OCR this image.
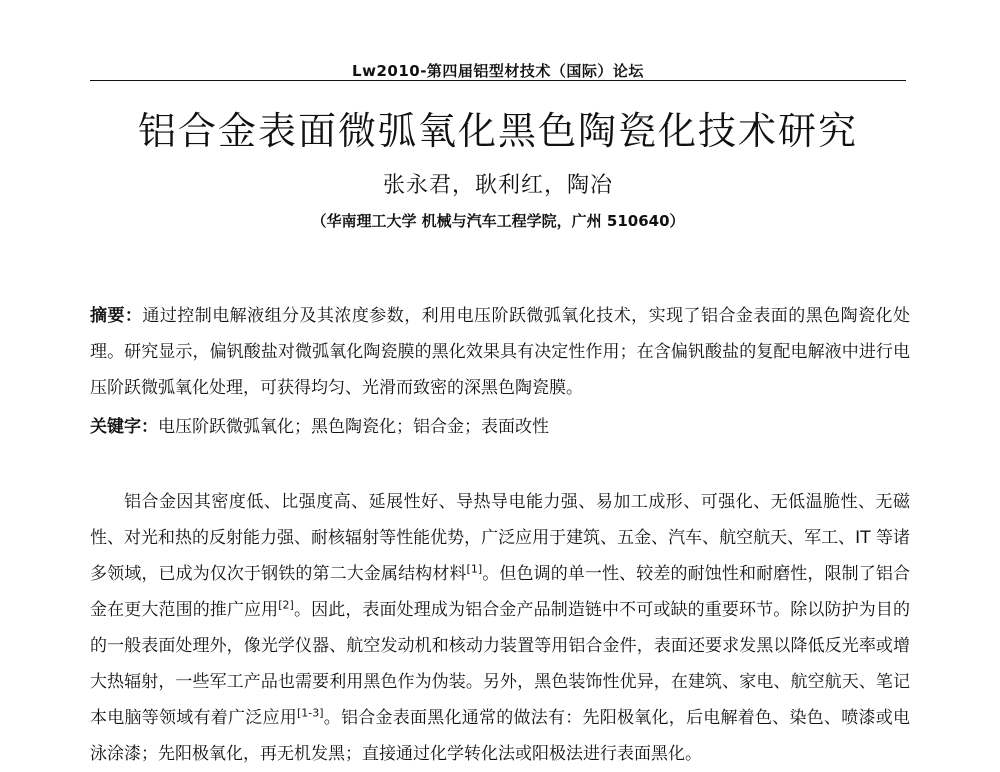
Lw2010-第四届铝型材技术（国际）论坛
铝合金表面微弧氧化黑色陶瓷化技术研究
张永君，耿利红，陶冶
（华南理工大学 机械与汽车工程学院，广州 510640）
摘要：通过控制电解液组分及其浓度参数，利用电压阶跃微弧氧化技术，实现了铝合金表面的黑色陶瓷化处理。研究显示，偏钒酸盐对微弧氧化陶瓷膜的黑化效果具有决定性作用；在含偏钒酸盐的复配电解液中进行电压阶跃微弧氧化处理，可获得均匀、光滑而致密的深黑色陶瓷膜。
关键字：电压阶跃微弧氧化；黑色陶瓷化；铝合金；表面改性
铝合金因其密度低、比强度高、延展性好、导热导电能力强、易加工成形、可强化、无低温脆性、无磁性、对光和热的反射能力强、耐核辐射等性能优势，广泛应用于建筑、五金、汽车、航空航天、军工、IT 等诸多领域，已成为仅次于钢铁的第二大金属结构材料[1]。但色调的单一性、较差的耐蚀性和耐磨性，限制了铝合金在更大范围的推广应用[2]。因此，表面处理成为铝合金产品制造链中不可或缺的重要环节。除以防护为目的的一般表面处理外，像光学仪器、航空发动机和核动力装置等用铝合金件，表面还要求发黑以降低反光率或增大热辐射，一些军工产品也需要利用黑色作为伪装。另外，黑色装饰性优异，在建筑、家电、航空航天、笔记本电脑等领域有着广泛应用[1-3]。铝合金表面黑化通常的做法有：先阳极氧化，后电解着色、染色、喷漆或电泳涂漆；先阳极氧化，再无机发黑；直接通过化学转化法或阳极法进行表面黑化。
